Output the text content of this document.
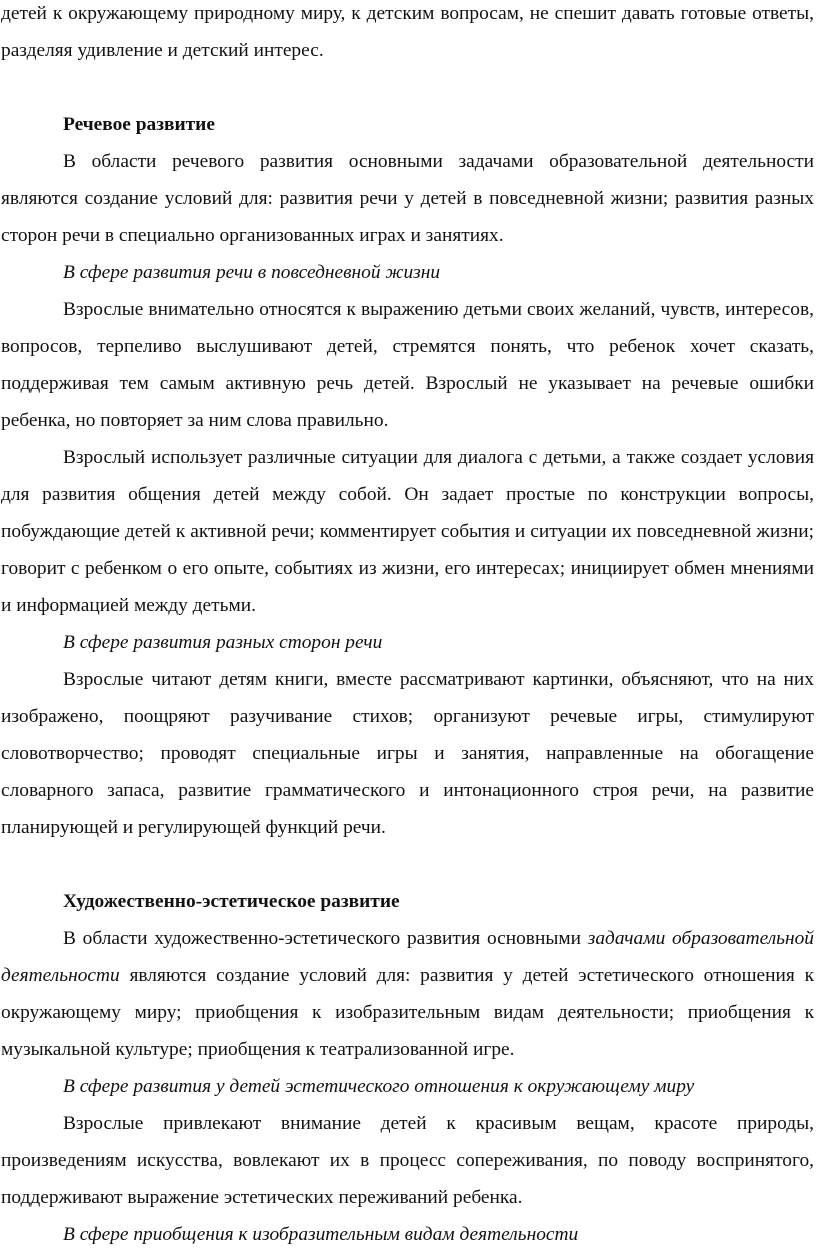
детей к окружающему природному миру, к детским вопросам, не спешит давать готовые ответы, разделяя удивление и детский интерес.

Речевое развитие

В области речевого развития основными задачами образовательной деятельности являются создание условий для: развития речи у детей в повседневной жизни; развития разных сторон речи в специально организованных играх и занятиях.

В сфере развития речи в повседневной жизни

Взрослые внимательно относятся к выражению детьми своих желаний, чувств, интересов, вопросов, терпеливо выслушивают детей, стремятся понять, что ребенок хочет сказать, поддерживая тем самым активную речь детей. Взрослый не указывает на речевые ошибки ребенка, но повторяет за ним слова правильно.

Взрослый использует различные ситуации для диалога с детьми, а также создает условия для развития общения детей между собой. Он задает простые по конструкции вопросы, побуждающие детей к активной речи; комментирует события и ситуации их повседневной жизни; говорит с ребенком о его опыте, событиях из жизни, его интересах; инициирует обмен мнениями и информацией между детьми.

В сфере развития разных сторон речи

Взрослые читают детям книги, вместе рассматривают картинки, объясняют, что на них изображено, поощряют разучивание стихов; организуют речевые игры, стимулируют словотворчество; проводят специальные игры и занятия, направленные на обогащение словарного запаса, развитие грамматического и интонационного строя речи, на развитие планирующей и регулирующей функций речи.

Художественно-эстетическое развитие

В области художественно-эстетического развития основными задачами образовательной деятельности являются создание условий для: развития у детей эстетического отношения к окружающему миру; приобщения к изобразительным видам деятельности; приобщения к музыкальной культуре; приобщения к театрализованной игре.

В сфере развития у детей эстетического отношения к окружающему миру

Взрослые привлекают внимание детей к красивым вещам, красоте природы, произведениям искусства, вовлекают их в процесс сопереживания, по поводу воспринятого, поддерживают выражение эстетических переживаний ребенка.

В сфере приобщения к изобразительным видам деятельности
